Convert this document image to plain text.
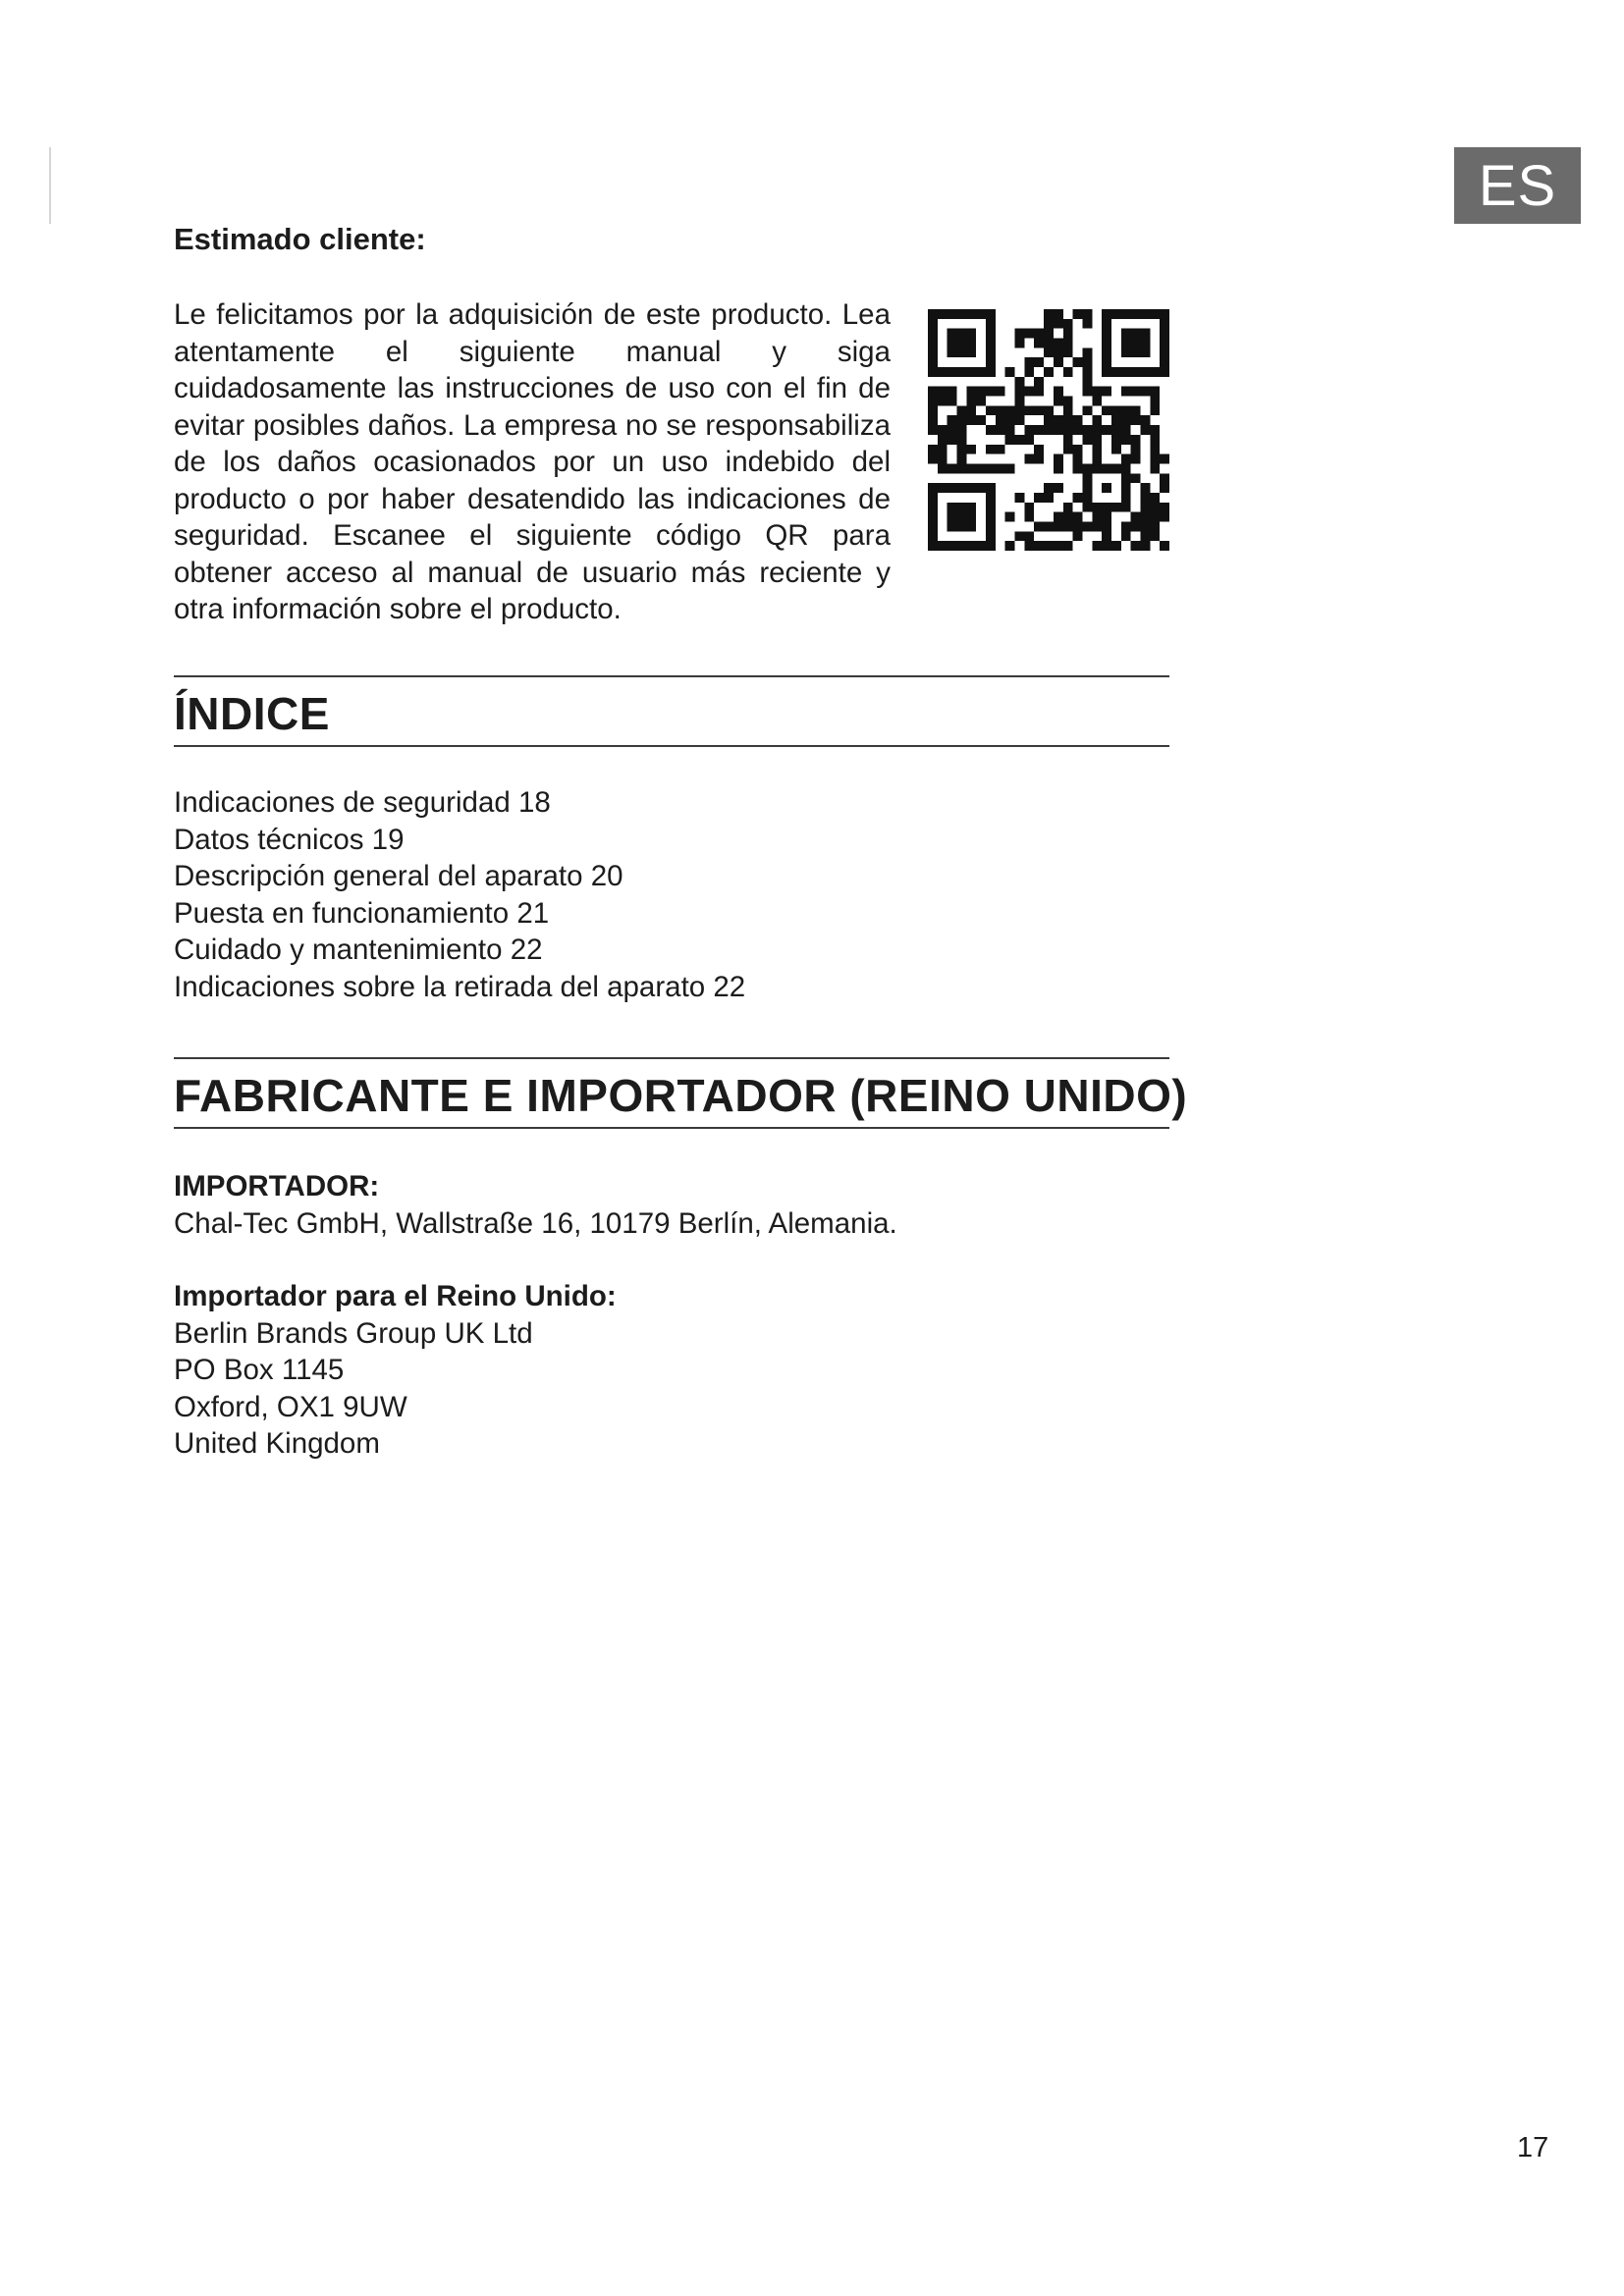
ES
Estimado cliente:

Le felicitamos por la adquisición de este producto. Lea atentamente el siguiente manual y siga cuidadosamente las instrucciones de uso con el fin de evitar posibles daños. La empresa no se responsabiliza de los daños ocasionados por un uso indebido del producto o por haber desatendido las indicaciones de seguridad. Escanee el siguiente código QR para obtener acceso al manual de usuario más reciente y otra información sobre el producto.

ÍNDICE
Indicaciones de seguridad 18
Datos técnicos 19
Descripción general del aparato 20
Puesta en funcionamiento 21
Cuidado y mantenimiento 22
Indicaciones sobre la retirada del aparato 22
FABRICANTE E IMPORTADOR (REINO UNIDO)
IMPORTADOR:
Chal-Tec GmbH, Wallstraße 16, 10179 Berlín, Alemania.
Importador para el Reino Unido:
Berlin Brands Group UK Ltd
PO Box 1145
Oxford, OX1 9UW
United Kingdom
17
